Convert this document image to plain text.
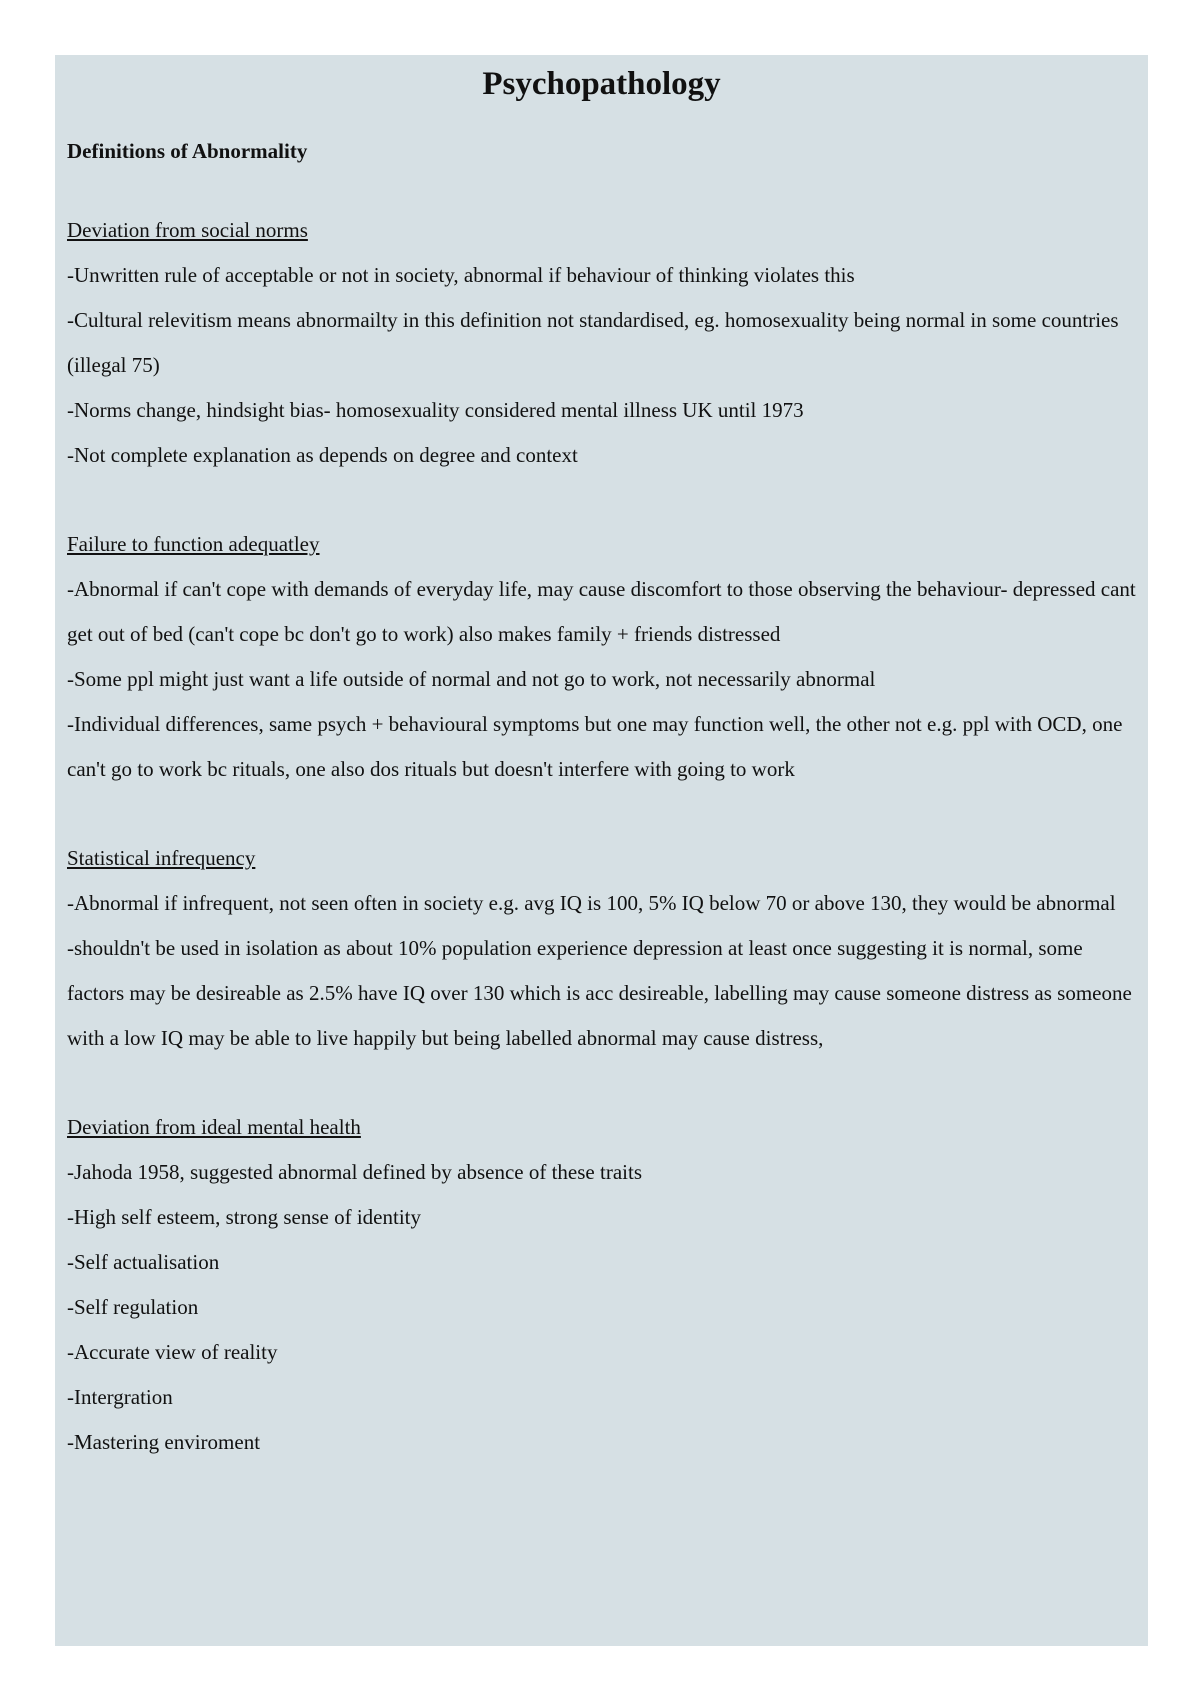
Psychopathology

Definitions of Abnormality

Deviation from social norms

-Unwritten rule of acceptable or not in society, abnormal if behaviour of thinking violates this

-Cultural relevitism means abnormailty in this definition not standardised, eg. homosexuality being normal in some countries (illegal 75)

-Norms change, hindsight bias- homosexuality considered mental illness UK until 1973

-Not complete explanation as depends on degree and context

Failure to function adequatley

-Abnormal if can't cope with demands of everyday life, may cause discomfort to those observing the behaviour- depressed cant get out of bed (can't cope bc don't go to work) also makes family + friends distressed

-Some ppl might just want a life outside of normal and not go to work, not necessarily abnormal

-Individual differences, same psych + behavioural symptoms but one may function well, the other not e.g. ppl with OCD, one can't go to work bc rituals, one also dos rituals but doesn't interfere with going to work

Statistical infrequency

-Abnormal if infrequent, not seen often in society e.g. avg IQ is 100, 5% IQ below 70 or above 130, they would be abnormal

-shouldn't be used in isolation as about 10% population experience depression at least once suggesting it is normal, some factors may be desireable as 2.5% have IQ over 130 which is acc desireable, labelling may cause someone distress as someone with a low IQ may be able to live happily but being labelled abnormal may cause distress,

Deviation from ideal mental health

-Jahoda 1958, suggested abnormal defined by absence of these traits

-High self esteem, strong sense of identity

-Self actualisation

-Self regulation

-Accurate view of reality

-Intergration

-Mastering enviroment
